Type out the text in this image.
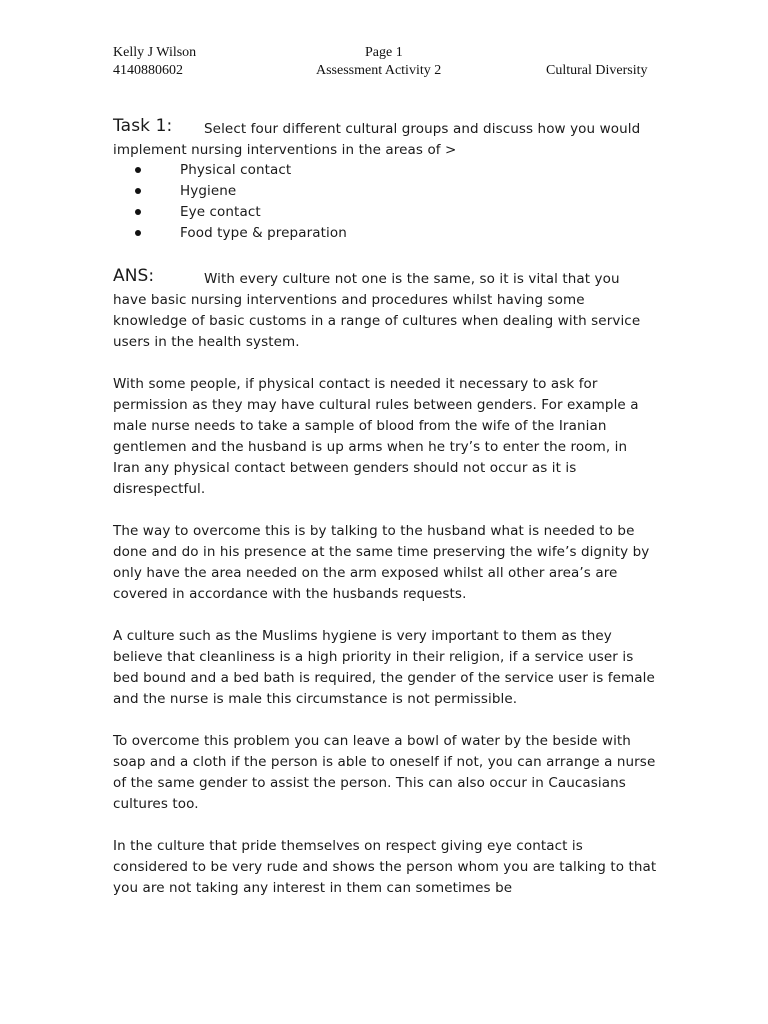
Kelly J Wilson	Page 1
4140880602	Assessment Activity 2	Cultural Diversity
Task 1: Select four different cultural groups and discuss how you would
implement nursing interventions in the areas of >
Physical contact
Hygiene
Eye contact
Food type & preparation
ANS:	With every culture not one is the same, so it is vital that you

have basic nursing interventions and procedures whilst having some knowledge of basic customs in a range of cultures when dealing with service users in the health system.

With some people, if physical contact is needed it necessary to ask for permission as they may have cultural rules between genders. For example a male nurse needs to take a sample of blood from the wife of the Iranian gentlemen and the husband is up arms when he try’s to enter the room, in Iran any physical contact between genders should not occur as it is disrespectful.

The way to overcome this is by talking to the husband what is needed to be done and do in his presence at the same time preserving the wife’s dignity by only have the area needed on the arm exposed whilst all other area’s are covered in accordance with the husbands requests.

A culture such as the Muslims hygiene is very important to them as they believe that cleanliness is a high priority in their religion, if a service user is bed bound and a bed bath is required, the gender of the service user is female and the nurse is male this circumstance is not permissible.

To overcome this problem you can leave a bowl of water by the beside with soap and a cloth if the person is able to oneself if not, you can arrange a nurse of the same gender to assist the person. This can also occur in Caucasians cultures too.

In the culture that pride themselves on respect giving eye contact is considered to be very rude and shows the person whom you are talking to that you are not taking any interest in them can sometimes be
